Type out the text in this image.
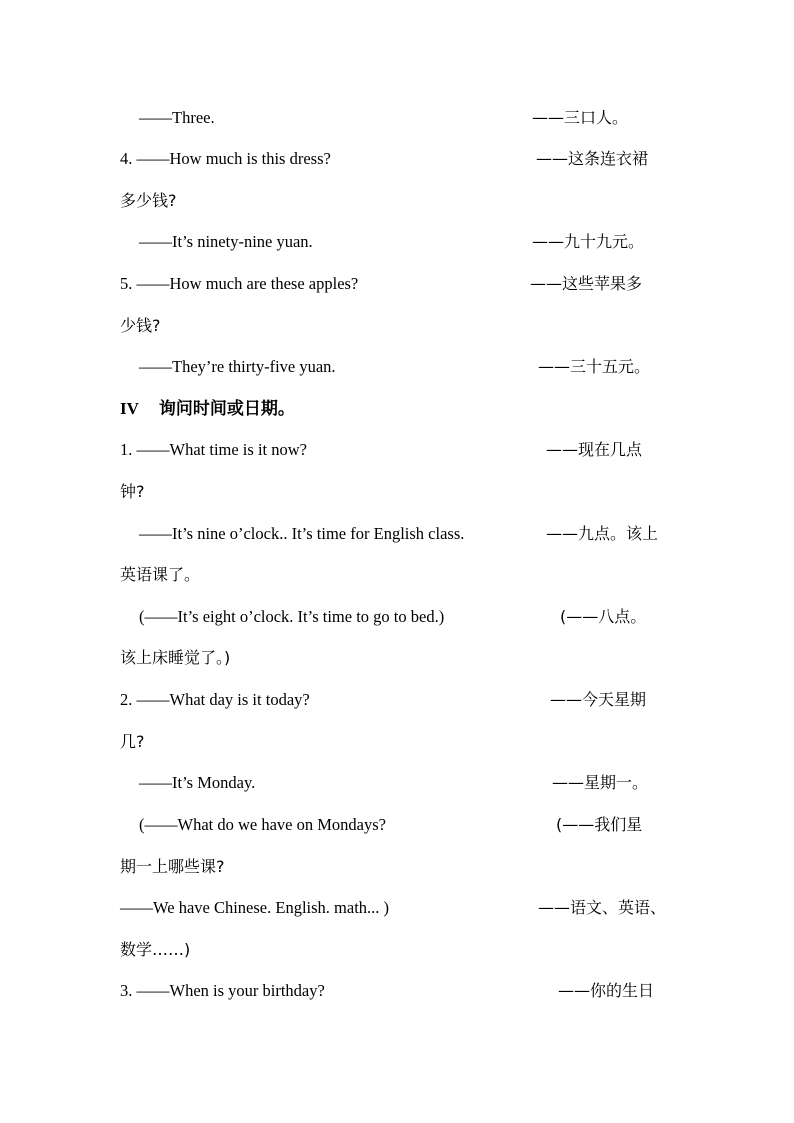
——Three.	——三口人。
4. ——How much is this dress?	——这条连衣裙
多少钱?
——It’s ninety-nine yuan.	——九十九元。
5. ——How much are these apples?	——这些苹果多
少钱?
——They’re thirty-five yuan.	——三十五元。
IV 询问时间或日期。
1. ——What time is it now?	——现在几点
钟?
——It’s nine o’clock.. It’s time for English class.	——九点。该上
英语课了。
(——It’s eight o’clock. It’s time to go to bed.)	(——八点。
该上床睡觉了。)
2. ——What day is it today?	——今天星期
几?
——It’s Monday.	——星期一。
(——What do we have on Mondays?	(——我们星
期一上哪些课?
——We have Chinese. English. math... )	——语文、英语、
数学……)
3. ——When is your birthday?	——你的生日
